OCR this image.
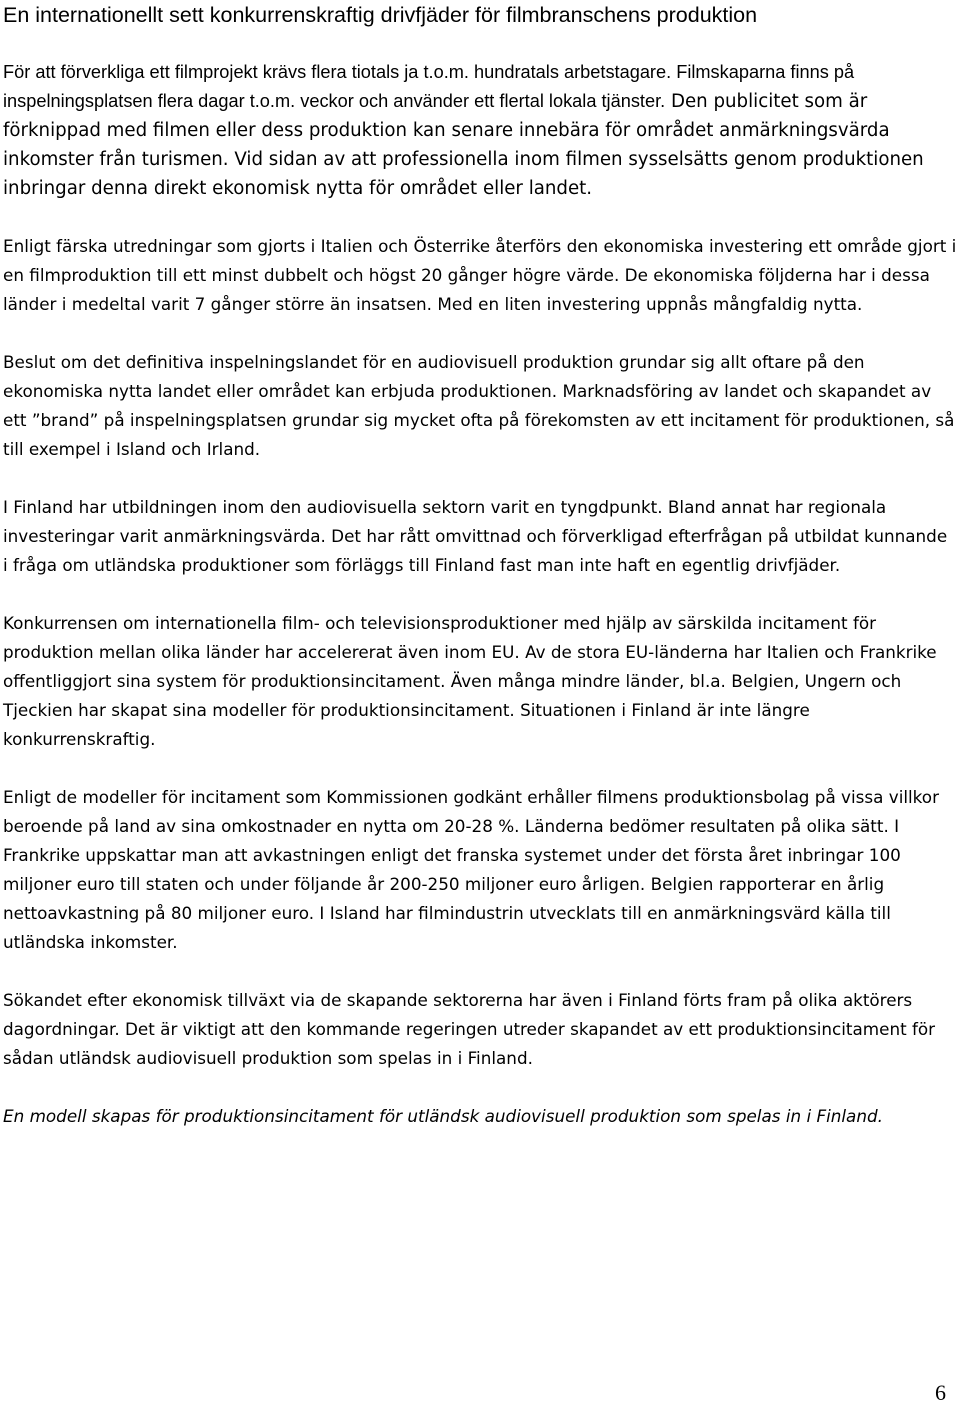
En internationellt sett konkurrenskraftig drivfjäder för filmbranschens produktion

För att förverkliga ett filmprojekt krävs flera tiotals ja t.o.m. hundratals arbetstagare. Filmskaparna finns på inspelningsplatsen flera dagar t.o.m. veckor och använder ett flertal lokala tjänster. Den publicitet som är förknippad med filmen eller dess produktion kan senare innebära för området anmärkningsvärda inkomster från turismen. Vid sidan av att professionella inom filmen sysselsätts genom produktionen inbringar denna direkt ekonomisk nytta för området eller landet.

Enligt färska utredningar som gjorts i Italien och Österrike återförs den ekonomiska investering ett område gjort i en filmproduktion till ett minst dubbelt och högst 20 gånger högre värde. De ekonomiska följderna har i dessa länder i medeltal varit 7 gånger större än insatsen. Med en liten investering uppnås mångfaldig nytta.

Beslut om det definitiva inspelningslandet för en audiovisuell produktion grundar sig allt oftare på den ekonomiska nytta landet eller området kan erbjuda produktionen. Marknadsföring av landet och skapandet av ett ”brand” på inspelningsplatsen grundar sig mycket ofta på förekomsten av ett incitament för produktionen, så till exempel i Island och Irland.

I Finland har utbildningen inom den audiovisuella sektorn varit en tyngdpunkt. Bland annat har regionala investeringar varit anmärkningsvärda. Det har rått omvittnad och förverkligad efterfrågan på utbildat kunnande i fråga om utländska produktioner som förläggs till Finland fast man inte haft en egentlig drivfjäder.

Konkurrensen om internationella film- och televisionsproduktioner med hjälp av särskilda incitament för produktion mellan olika länder har accelererat även inom EU. Av de stora EU-länderna har Italien och Frankrike offentliggjort sina system för produktionsincitament. Även många mindre länder, bl.a. Belgien, Ungern och Tjeckien har skapat sina modeller för produktionsincitament. Situationen i Finland är inte längre konkurrenskraftig.

Enligt de modeller för incitament som Kommissionen godkänt erhåller filmens produktionsbolag på vissa villkor beroende på land av sina omkostnader en nytta om 20-28 %. Länderna bedömer resultaten på olika sätt. I Frankrike uppskattar man att avkastningen enligt det franska systemet under det första året inbringar 100 miljoner euro till staten och under följande år 200-250 miljoner euro årligen. Belgien rapporterar en årlig nettoavkastning på 80 miljoner euro. I Island har filmindustrin utvecklats till en anmärkningsvärd källa till utländska inkomster.

Sökandet efter ekonomisk tillväxt via de skapande sektorerna har även i Finland förts fram på olika aktörers dagordningar. Det är viktigt att den kommande regeringen utreder skapandet av ett produktionsincitament för sådan utländsk audiovisuell produktion som spelas in i Finland.

En modell skapas för produktionsincitament för utländsk audiovisuell produktion som spelas in i Finland.

6
